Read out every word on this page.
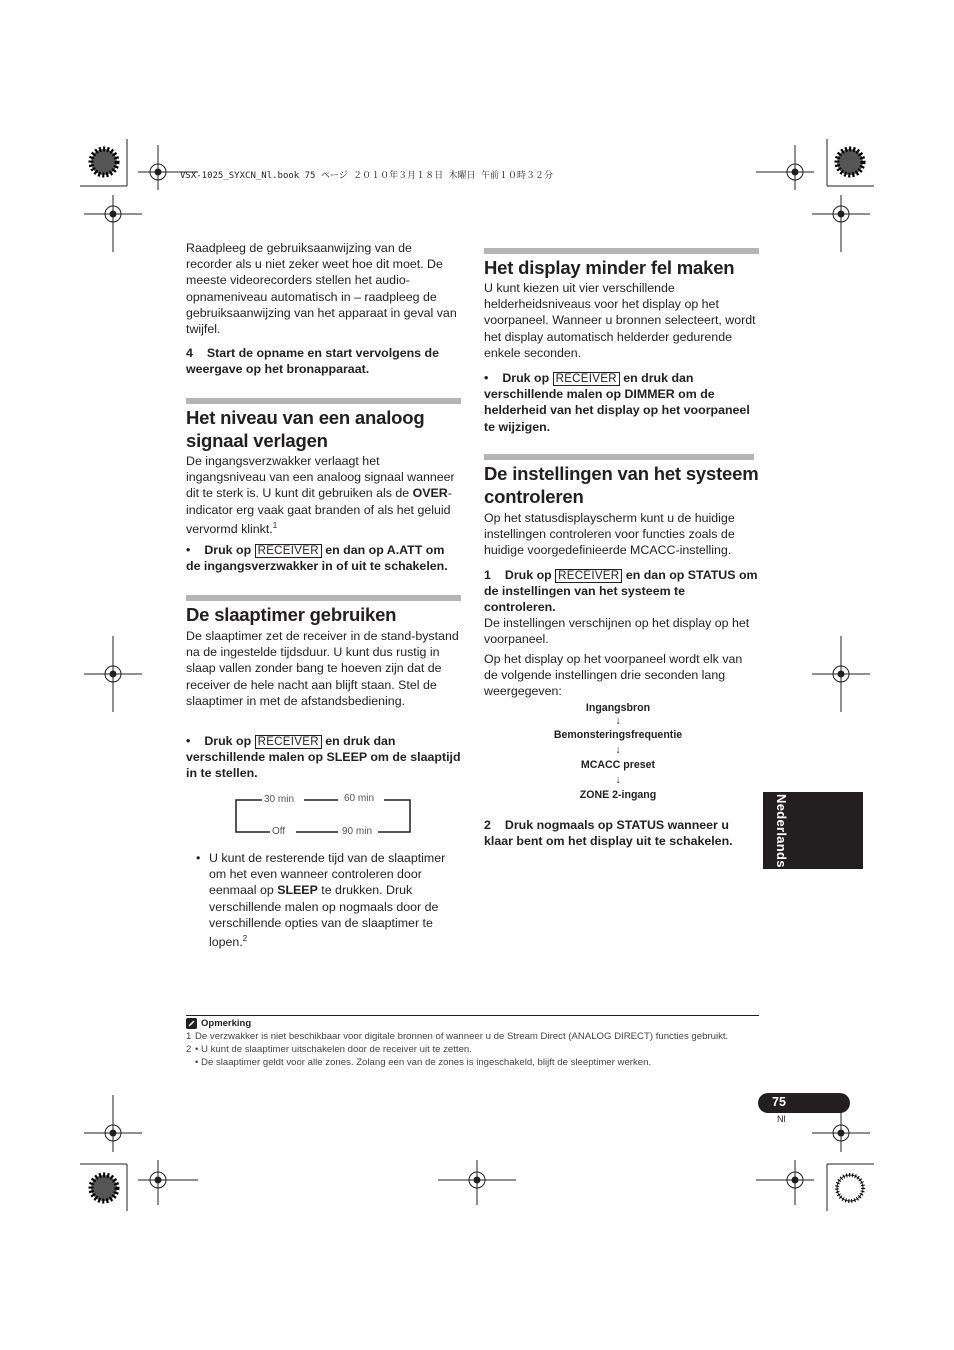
VSX-1025_SYXCN_Nl.book 75 ページ ２０１０年３月１８日 木曜日 午前１０時３２分
Raadpleeg de gebruiksaanwijzing van de recorder als u niet zeker weet hoe dit moet. De meeste videorecorders stellen het audio-opnameniveau automatisch in – raadpleeg de gebruiksaanwijzing van het apparaat in geval van twijfel.
4 Start de opname en start vervolgens de weergave op het bronapparaat.
Het niveau van een analoog signaal verlagen
De ingangsverzwakker verlaagt het ingangsniveau van een analoog signaal wanneer dit te sterk is. U kunt dit gebruiken als de OVER-indicator erg vaak gaat branden of als het geluid vervormd klinkt.$^1$
• Druk op RECEIVER en dan op A.ATT om de ingangsverzwakker in of uit te schakelen.
De slaaptimer gebruiken
De slaaptimer zet de receiver in de stand-bystand na de ingestelde tijdsduur. U kunt dus rustig in slaap vallen zonder bang te hoeven zijn dat de receiver de hele nacht aan blijft staan. Stel de slaaptimer in met de afstandsbediening.
• Druk op RECEIVER en druk dan verschillende malen op SLEEP om de slaaptijd in te stellen.
30 min	60 min
90 min
Off
• U kunt de resterende tijd van de slaaptimer om het even wanneer controleren door eenmaal op SLEEP te drukken. Druk verschillende malen op nogmaals door de verschillende opties van de slaaptimer te lopen.$^2$
Het display minder fel maken
U kunt kiezen uit vier verschillende helderheidsniveaus voor het display op het voorpaneel. Wanneer u bronnen selecteert, wordt het display automatisch helderder gedurende enkele seconden.
• Druk op RECEIVER en druk dan verschillende malen op DIMMER om de helderheid van het display op het voorpaneel te wijzigen.
De instellingen van het systeem controleren
Op het statusdisplayscherm kunt u de huidige instellingen controleren voor functies zoals de huidige voorgedefinieerde MCACC-instelling.
1 Druk op RECEIVER en dan op STATUS om de instellingen van het systeem te controleren.
De instellingen verschijnen op het display op het voorpaneel.
Op het display op het voorpaneel wordt elk van de volgende instellingen drie seconden lang weergegeven:
Ingangsbron
↓
Bemonsteringsfrequentie
↓
MCACC preset
↓
ZONE 2-ingang
2 Druk nogmaals op STATUS wanneer u klaar bent om het display uit te schakelen.	Nederlands
Opmerking
1 De verzwakker is niet beschikbaar voor digitale bronnen of wanneer u de Stream Direct (ANALOG DIRECT) functies gebruikt.
2 • U kunt de slaaptimer uitschakelen door de receiver uit te zetten.
• De slaaptimer geldt voor alle zones. Zolang een van de zones is ingeschakeld, blijft de sleeptimer werken.
75
Nl
